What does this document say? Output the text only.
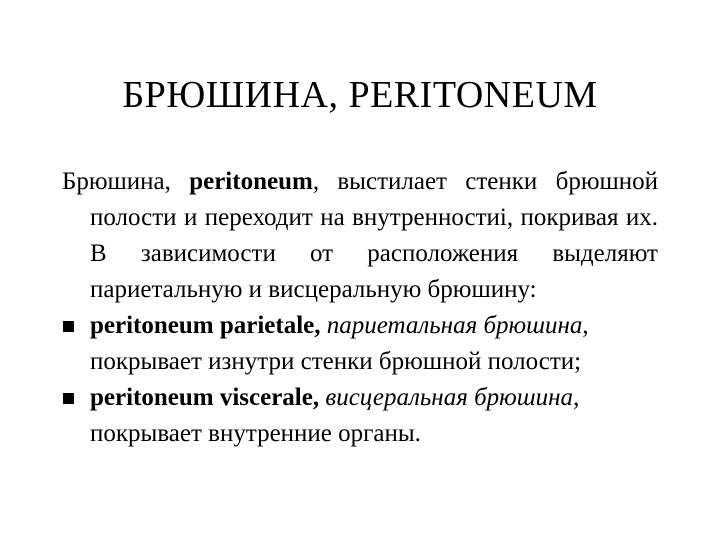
БРЮШИНА, PERITONEUM

Брюшина, peritoneum, выстилает стенки брюшной полости и переходит на внутренностиі, покривая их. В зависимости от расположения выделяют париетальную и висцеральную брюшину:

peritoneum parietale, париетальная брюшина, покрывает изнутри стенки брюшной полости;

peritoneum viscerale, висцеральная брюшина, покрывает внутренние органы.
